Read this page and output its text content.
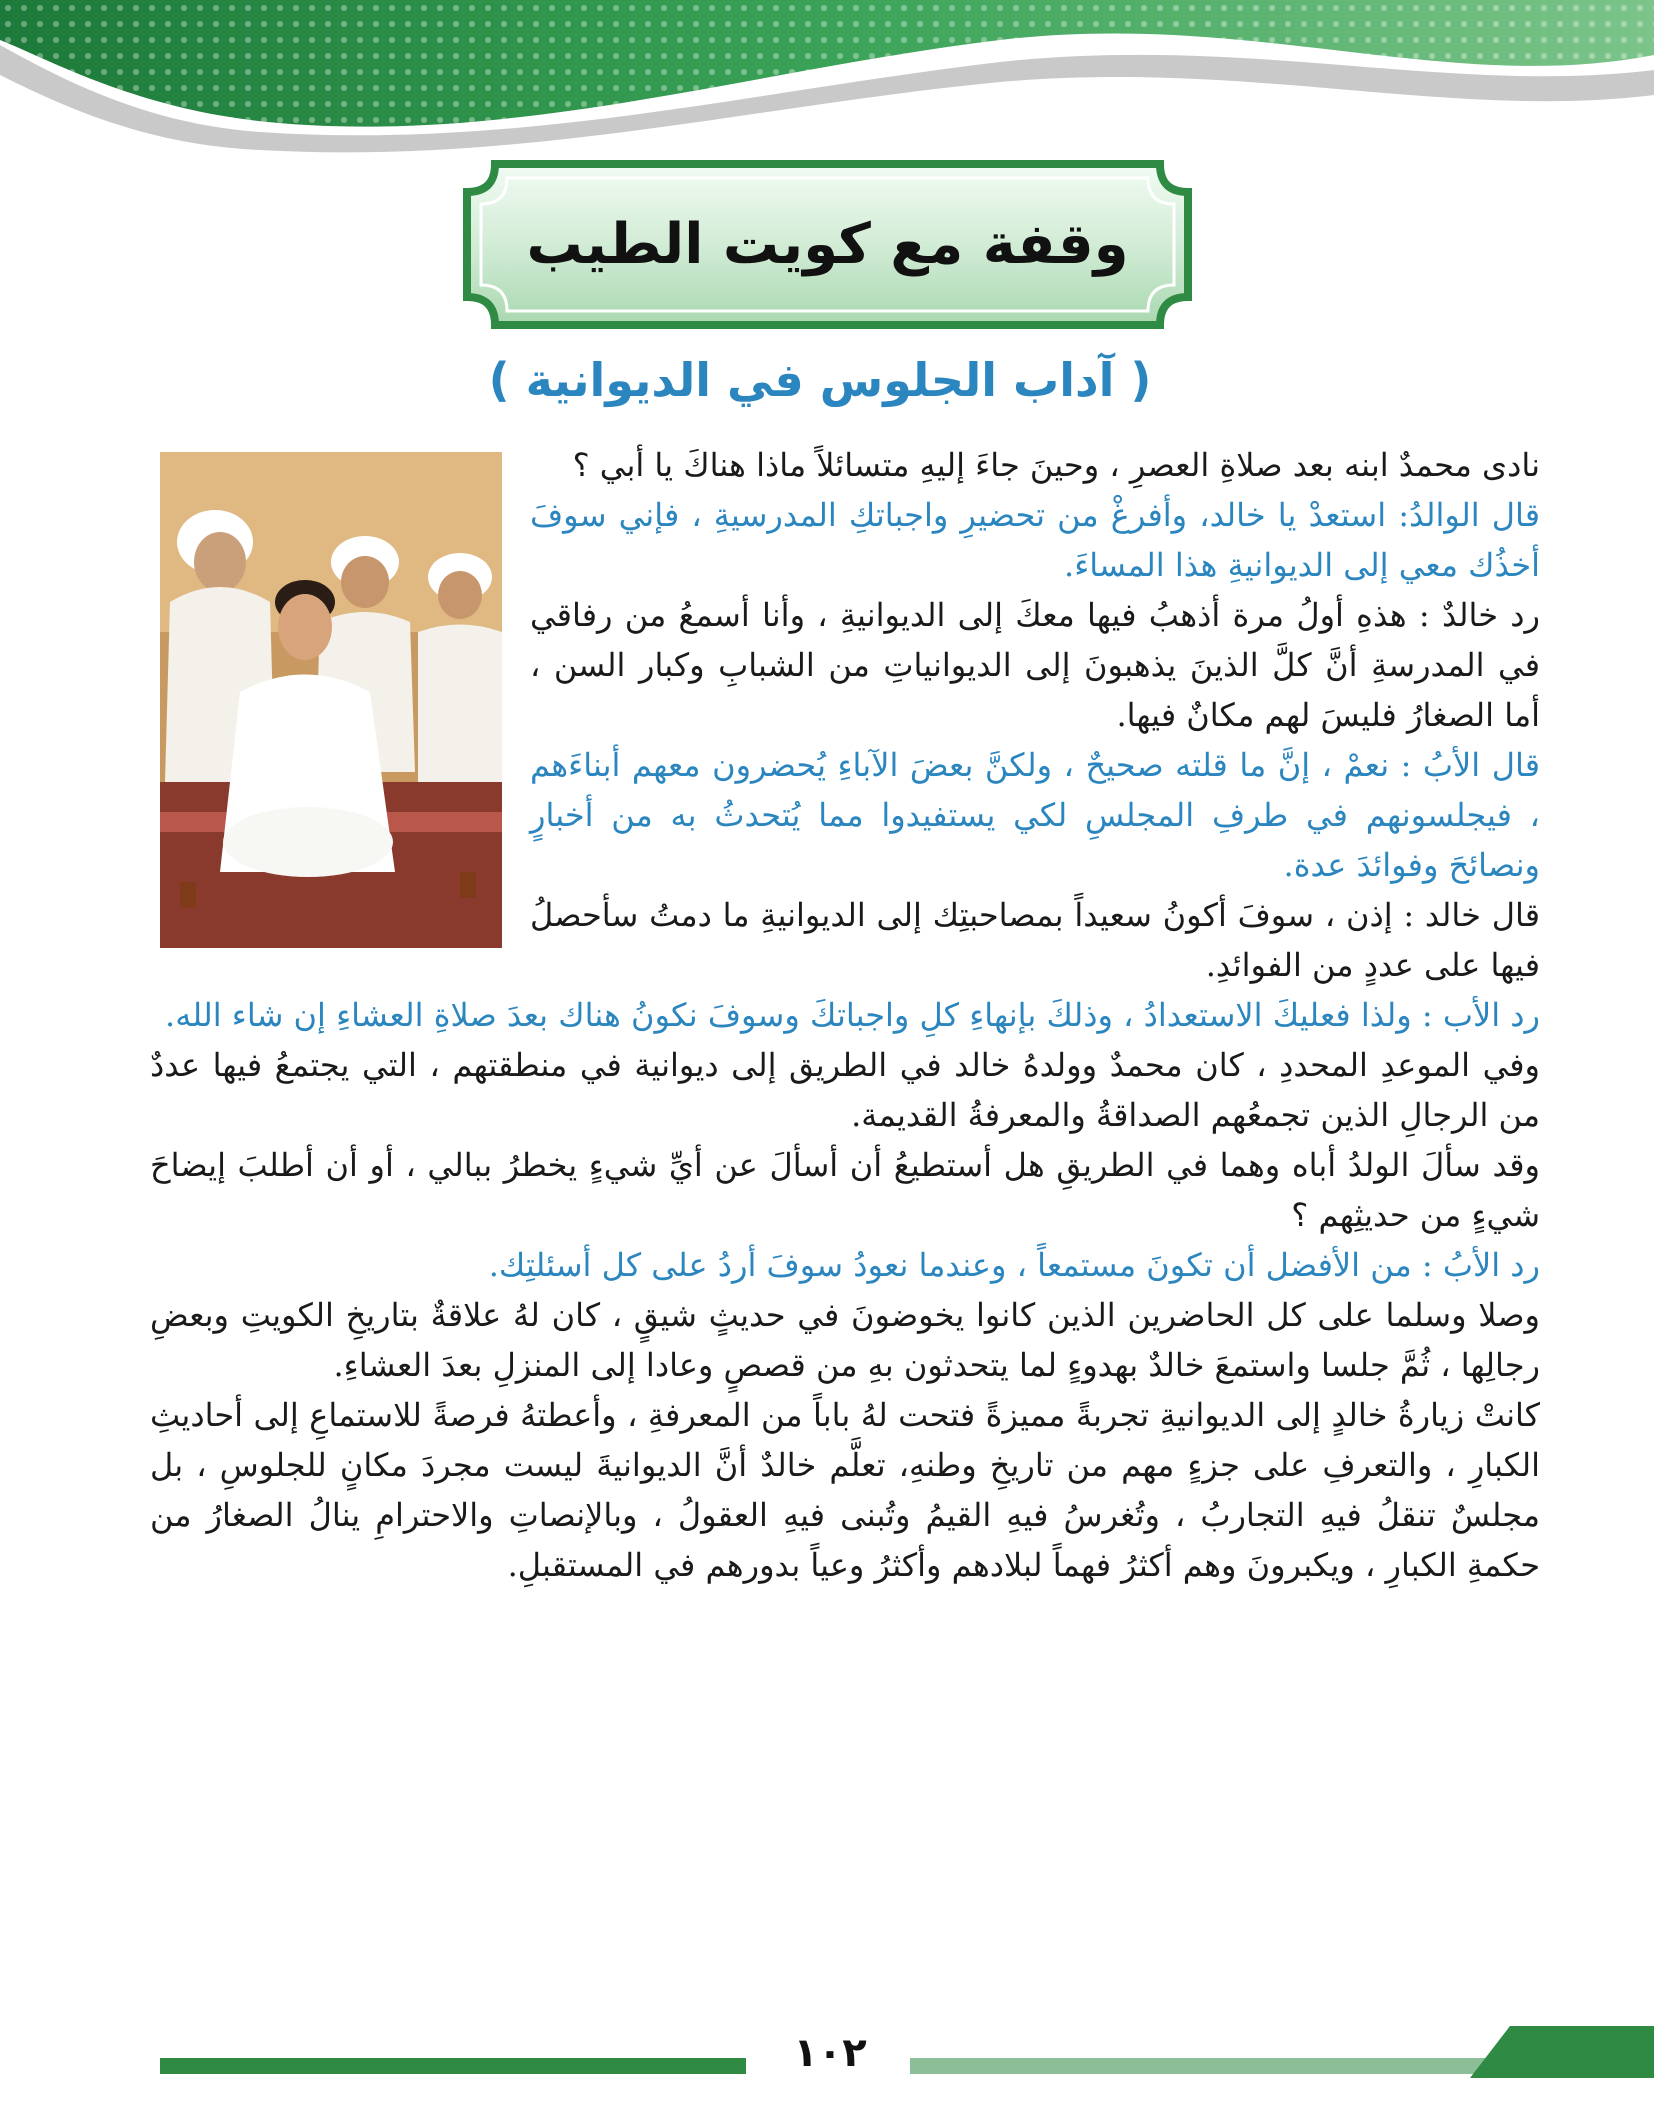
وقفة مع كويت الطيب
( آداب الجلوس في الديوانية )

نادى محمدٌ ابنه بعد صلاةِ العصرِ ، وحينَ جاءَ إليهِ متسائلاً ماذا هناكَ يا أبي ؟

قال الوالدُ: استعدْ يا خالد، وأفرغْ من تحضيرِ واجباتكِ المدرسيةِ ، فإني سوفَ أخذُك معي إلى الديوانيةِ هذا المساءَ.

رد خالدٌ : هذهِ أولُ مرة أذهبُ فيها معكَ إلى الديوانيةِ ، وأنا أسمعُ من رفاقي في المدرسةِ أنَّ كلَّ الذينَ يذهبونَ إلى الديوانياتِ من الشبابِ وكبار السن ، أما الصغارُ فليسَ لهم مكانٌ فيها.

قال الأبُ : نعمْ ، إنَّ ما قلته صحيحٌ ، ولكنَّ بعضَ الآباءِ يُحضرون معهم أبناءَهم ، فيجلسونهم في طرفِ المجلسِ لكي يستفيدوا مما يُتحدثُ به من أخبارٍ ونصائحَ وفوائدَ عدة.

قال خالد : إذن ، سوفَ أكونُ سعيداً بمصاحبتِك إلى الديوانيةِ ما دمتُ سأحصلُ فيها على عددٍ من الفوائدِ.

رد الأب : ولذا فعليكَ الاستعدادُ ، وذلكَ بإنهاءِ كلِ واجباتكَ وسوفَ نكونُ هناك بعدَ صلاةِ العشاءِ إن شاء الله.

وفي الموعدِ المحددِ ، كان محمدٌ وولدهُ خالد في الطريق إلى ديوانية في منطقتهم ، التي يجتمعُ فيها عددٌ من الرجالِ الذين تجمعُهم الصداقةُ والمعرفةُ القديمة.

وقد سألَ الولدُ أباه وهما في الطريقِ هل أستطيعُ أن أسألَ عن أيِّ شيءٍ يخطرُ ببالي ، أو أن أطلبَ إيضاحَ شيءٍ من حديثِهم ؟

رد الأبُ : من الأفضل أن تكونَ مستمعاً ، وعندما نعودُ سوفَ أردُ على كل أسئلتِك.

وصلا وسلما على كل الحاضرين الذين كانوا يخوضونَ في حديثٍ شيقٍ ، كان لهُ علاقةٌ بتاريخِ الكويتِ وبعضِ رجالِها ، ثُمَّ جلسا واستمعَ خالدٌ بهدوءٍ لما يتحدثون بهِ من قصصٍ وعادا إلى المنزلِ بعدَ العشاءِ.

كانتْ زيارةُ خالدٍ إلى الديوانيةِ تجربةً مميزةً فتحت لهُ باباً من المعرفةِ ، وأعطتهُ فرصةً للاستماعِ إلى أحاديثِ الكبارِ ، والتعرفِ على جزءٍ مهم من تاريخِ وطنهِ، تعلَّم خالدٌ أنَّ الديوانيةَ ليست مجردَ مكانٍ للجلوسِ ، بل مجلسٌ تنقلُ فيهِ التجاربُ ، وتُغرسُ فيهِ القيمُ وتُبنى فيهِ العقولُ ، وبالإنصاتِ والاحترامِ ينالُ الصغارُ من حكمةِ الكبارِ ، ويكبرونَ وهم أكثرُ فهماً لبلادهم وأكثرُ وعياً بدورهم في المستقبلِ.

١٠٢
